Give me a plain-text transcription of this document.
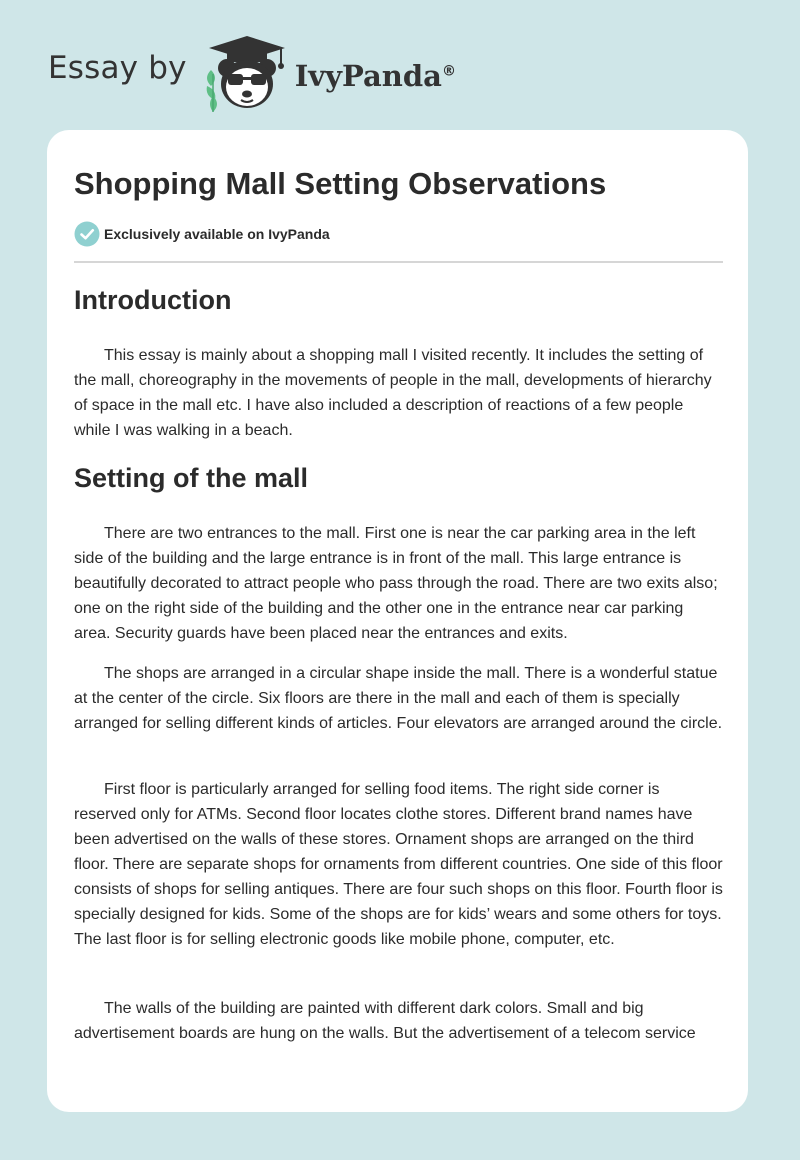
Essay by	IvyPanda®
Shopping Mall Setting Observations
Exclusively available on IvyPanda
Introduction

This essay is mainly about a shopping mall I visited recently. It includes the setting of the mall, choreography in the movements of people in the mall, developments of hierarchy of space in the mall etc. I have also included a description of reactions of a few people while I was walking in a beach.

Setting of the mall

There are two entrances to the mall. First one is near the car parking area in the left side of the building and the large entrance is in front of the mall. This large entrance is beautifully decorated to attract people who pass through the road. There are two exits also; one on the right side of the building and the other one in the entrance near car parking area. Security guards have been placed near the entrances and exits.

The shops are arranged in a circular shape inside the mall. There is a wonderful statue at the center of the circle. Six floors are there in the mall and each of them is specially arranged for selling different kinds of articles. Four elevators are arranged around the circle.

First floor is particularly arranged for selling food items. The right side corner is reserved only for ATMs. Second floor locates clothe stores. Different brand names have been advertised on the walls of these stores. Ornament shops are arranged on the third floor. There are separate shops for ornaments from different countries. One side of this floor consists of shops for selling antiques. There are four such shops on this floor. Fourth floor is specially designed for kids. Some of the shops are for kids’ wears and some others for toys. The last floor is for selling electronic goods like mobile phone, computer, etc.

The walls of the building are painted with different dark colors. Small and big advertisement boards are hung on the walls. But the advertisement of a telecom service
